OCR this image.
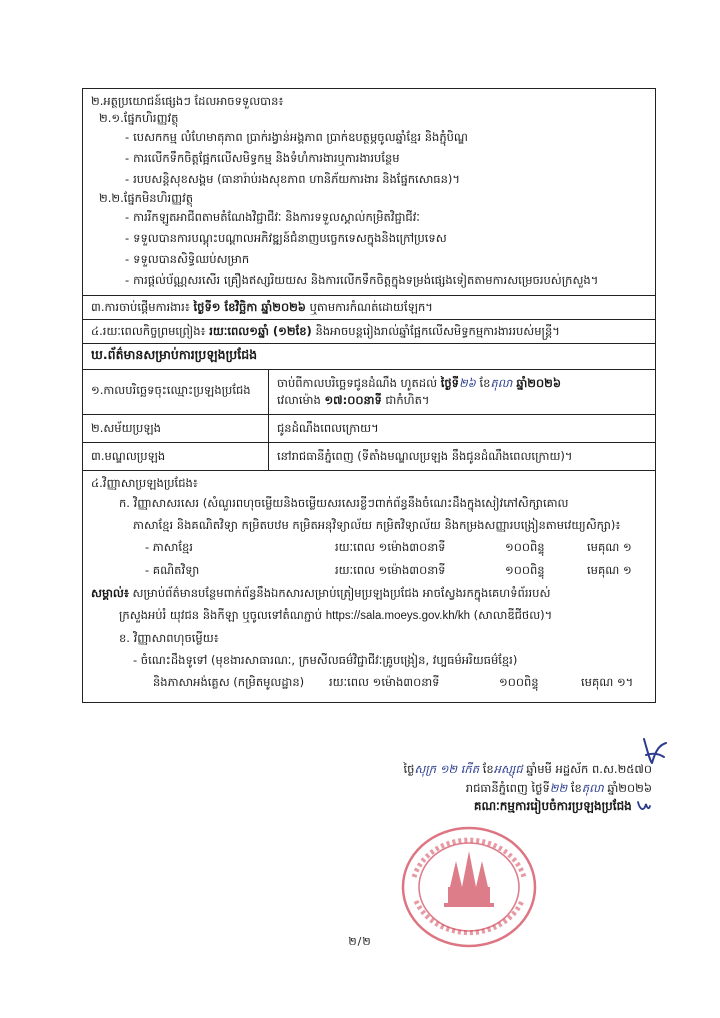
២.អត្ថប្រយោជន៍ផ្សេងៗ ដែលអាចទទួលបាន៖
២.១.ផ្នែកហិរញ្ញវត្ថុ
- បេសកកម្ម លំហែមាតុភាព ប្រាក់រង្វាន់អង្គភាព ប្រាក់ឧបត្ថម្ភចូលឆ្នាំខ្មែរ និងភ្ជុំបិណ្ឌ
- ការលើកទឹកចិត្តផ្អែកលើសមិទ្ធកម្ម និងទំហំការងារឬការងារបន្ថែម
- របបសន្តិសុខសង្គម (ធានារ៉ាប់រងសុខភាព ហានិភ័យការងារ និងផ្នែកសោធន)។
២.២.ផ្នែកមិនហិរញ្ញវត្ថុ
- ការរីកឡូតអាជីពតាមតំណែងវិជ្ជាជីវៈ និងការទទួលស្គាល់កម្រិតវិជ្ជាជីវៈ
- ទទួលបានការបណ្តុះបណ្តាលអភិវឌ្ឍន៍ជំនាញបច្ចេកទេសក្នុងនិងក្រៅប្រទេស
- ទទួលបានសិទ្ធិឈប់សម្រាក
- ការផ្តល់ប័ណ្ណសរសើរ គ្រឿងឥស្សរិយយស និងការលើកទឹកចិត្តក្នុងទម្រង់ផ្សេងទៀតតាមការសម្រេចរបស់ក្រសួង។
៣.ការចាប់ផ្តើមការងារ៖ ថ្ងៃទី១ ខែវិច្ឆិកា ឆ្នាំ២០២៦ ឬតាមការកំណត់ដោយឡែក។
៤.រយៈពេលកិច្ចព្រមព្រៀង៖ រយៈពេល១ឆ្នាំ (១២ខែ) និងអាចបន្តរៀងរាល់ឆ្នាំផ្អែកលើសមិទ្ធកម្មការងាររបស់មន្ត្រី។
ឃ.ព័ត៌មានសម្រាប់ការប្រឡងប្រជែង
១.កាលបរិច្ឆេទចុះឈ្មោះប្រឡងប្រជែង	ចាប់ពីកាលបរិច្ឆេទជូនដំណឹង ហូតដល់ ថ្ងៃទី២៦ ខែតុលា ឆ្នាំ២០២៦
វេលាម៉ោង ១៧:០០នាទី ជាកំហិត។
២.សម័យប្រឡង	ជូនដំណឹងពេលក្រោយ។
៣.មណ្ឌលប្រឡង	នៅរាជធានីភ្នំពេញ (ទីតាំងមណ្ឌលប្រឡង នឹងជូនដំណឹងពេលក្រោយ)។
៤.វិញ្ញាសាប្រឡងប្រជែង៖
ក. វិញ្ញាសាសរសេរ (សំណួរពហុចម្លើយនិងចម្លើយសរសេរខ្លីៗពាក់ព័ន្ធនឹងចំណេះដឹងក្នុងសៀវភៅសិក្សាគោល
ភាសាខ្មែរ និងគណិតវិទ្យា កម្រិតបឋម កម្រិតអនុវិទ្យាល័យ កម្រិតវិទ្យាល័យ និងកម្រងសញ្ញារបង្រៀនតាមវេយ្យសិក្សា)៖
- ភាសាខ្មែរ	រយៈពេល ១ម៉ោង៣០នាទី	១០០ពិន្ទុ	មេគុណ ១
- គណិតវិទ្យា	រយៈពេល ១ម៉ោង៣០នាទី	១០០ពិន្ទុ	មេគុណ ១
សម្គាល់៖ សម្រាប់ព័ត៌មានបន្ថែមពាក់ព័ន្ធនឹងឯកសារសម្រាប់ត្រៀមប្រឡងប្រជែង អាចស្វែងរកក្នុងគេហទំព័ររបស់
ក្រសួងអប់រំ យុវជន និងកីឡា ឬចូលទៅតំណភ្ជាប់ https://sala.moeys.gov.kh/kh (សាលាឌីជីថល)។
ខ. វិញ្ញាសាពហុចម្លើយ៖
- ចំណេះដឹងទូទៅ (មុខងារសាធារណៈ, ក្រមសីលធម៌វិជ្ជាជីវៈគ្រូបង្រៀន, វប្បធម៌អរិយធម៌ខ្មែរ)
និងភាសាអង់គ្លេស (កម្រិតមូលដ្ឋាន)	រយៈពេល ១ម៉ោង៣០នាទី	១០០ពិន្ទុ	មេគុណ ១។
ថ្ងៃសុក្រ ១២ កើត ខែអស្សុជ ឆ្នាំមមី អដ្ឋស័ក ព.ស.២៥៧០
រាជធានីភ្នំពេញ ថ្ងៃទី២២ ខែតុលា ឆ្នាំ២០២៦
គណៈកម្មការរៀបចំការប្រឡងប្រជែង
២/២
